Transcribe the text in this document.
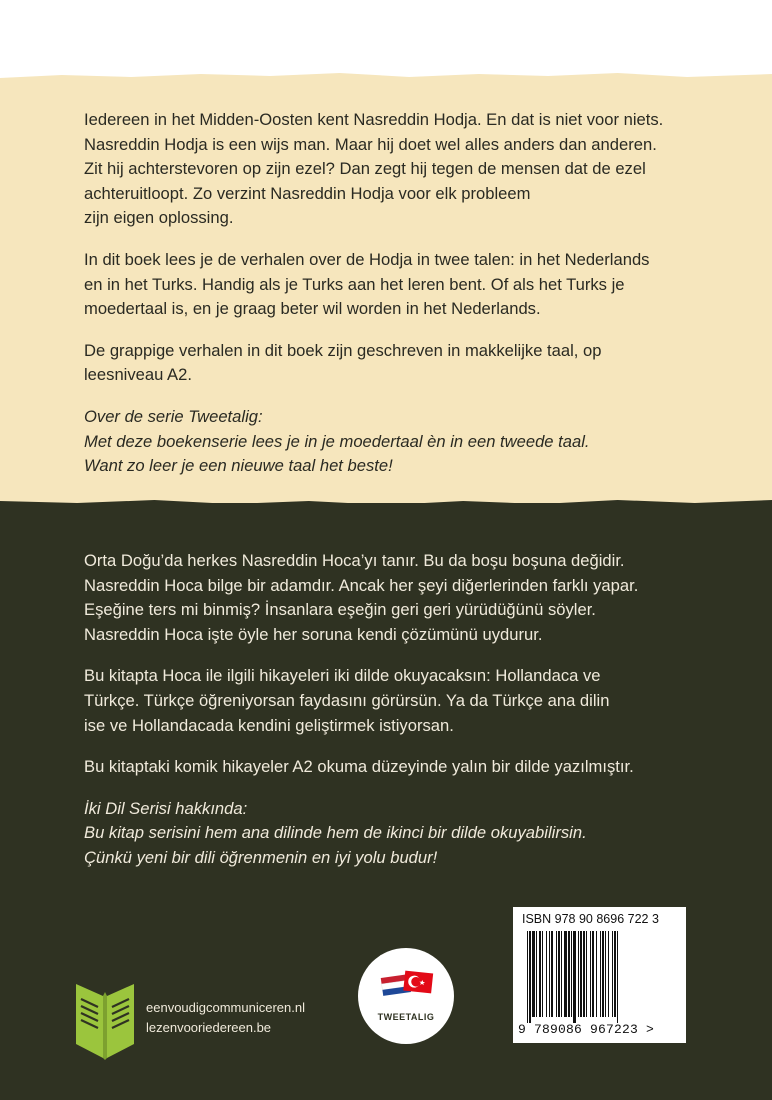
Iedereen in het Midden-Oosten kent Nasreddin Hodja. En dat is niet voor niets.
Nasreddin Hodja is een wijs man. Maar hij doet wel alles anders dan anderen.
Zit hij achterstevoren op zijn ezel? Dan zegt hij tegen de mensen dat de ezel
achteruitloopt. Zo verzint Nasreddin Hodja voor elk probleem
zijn eigen oplossing.

In dit boek lees je de verhalen over de Hodja in twee talen: in het Nederlands
en in het Turks. Handig als je Turks aan het leren bent. Of als het Turks je
moedertaal is, en je graag beter wil worden in het Nederlands.

De grappige verhalen in dit boek zijn geschreven in makkelijke taal, op
leesniveau A2.

Over de serie Tweetalig:
Met deze boekenserie lees je in je moedertaal èn in een tweede taal.
Want zo leer je een nieuwe taal het beste!

Orta Doğu’da herkes Nasreddin Hoca’yı tanır. Bu da boşu boşuna değidir.
Nasreddin Hoca bilge bir adamdır. Ancak her şeyi diğerlerinden farklı yapar.
Eşeğine ters mi binmiş? İnsanlara eşeğin geri geri yürüdüğünü söyler.
Nasreddin Hoca işte öyle her soruna kendi çözümünü uydurur.

Bu kitapta Hoca ile ilgili hikayeleri iki dilde okuyacaksın: Hollandaca ve
Türkçe. Türkçe öğreniyorsan faydasını görürsün. Ya da Türkçe ana dilin
ise ve Hollandacada kendini geliştirmek istiyorsan.

Bu kitaptaki komik hikayeler A2 okuma düzeyinde yalın bir dilde yazılmıştır.

İki Dil Serisi hakkında:
Bu kitap serisini hem ana dilinde hem de ikinci bir dilde okuyabilirsin.
Çünkü yeni bir dili öğrenmenin en iyi yolu budur!

eenvoudigcommuniceren.nl
lezenvooriedereen.be
TWEETALIG
ISBN 978 90 8696 722 3
9 789086 967223 >
